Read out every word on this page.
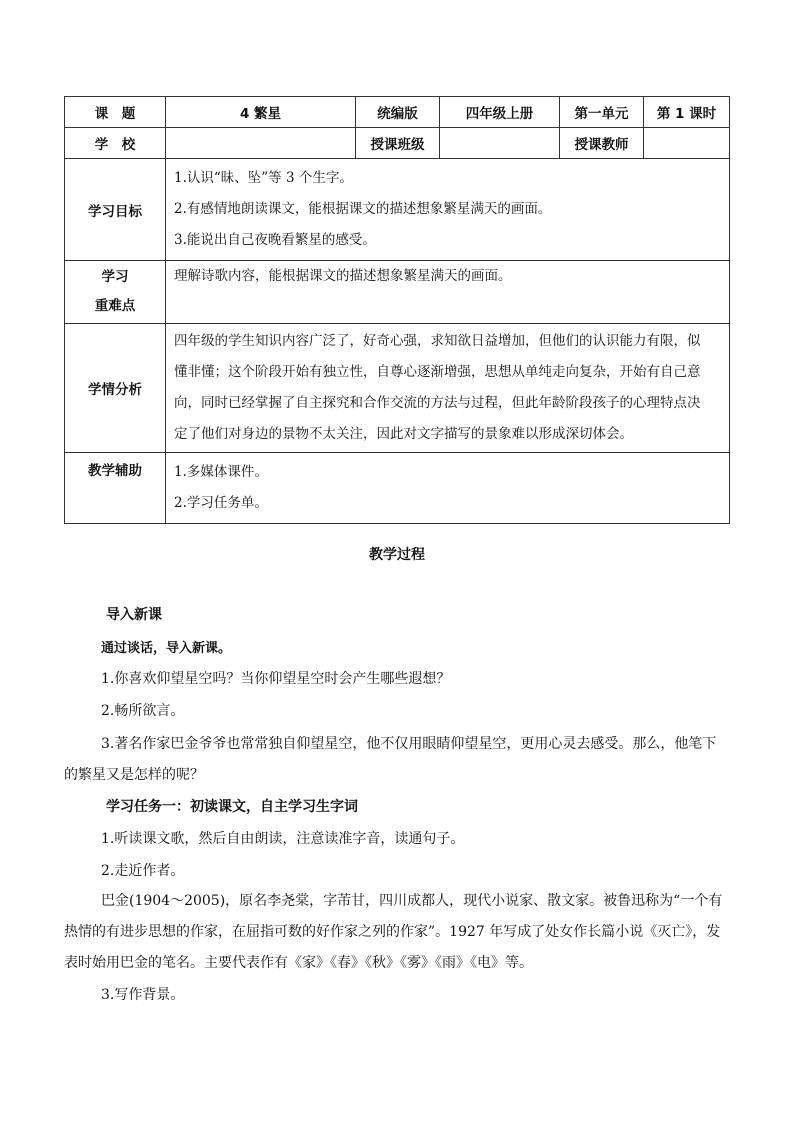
课　题	4 繁星	统编版	四年级上册	第一单元	第 1 课时
学　校		授课班级		授课教师	
学习目标	1.认识“昧、坠”等 3 个生字。
2.有感情地朗读课文，能根据课文的描述想象繁星满天的画面。
3.能说出自己夜晚看繁星的感受。				

学习
重难点	理解诗歌内容，能根据课文的描述想象繁星满天的画面。				

学情分析	四年级的学生知识内容广泛了，好奇心强，求知欲日益增加，但他们的认识能力有限，似
懂非懂；这个阶段开始有独立性，自尊心逐渐增强，思想从单纯走向复杂，开始有自己意
向，同时已经掌握了自主探究和合作交流的方法与过程，但此年龄阶段孩子的心理特点决
定了他们对身边的景物不太关注，因此对文字描写的景象难以形成深切体会。				

教学辅助	1.多媒体课件。
2.学习任务单。				
教学过程
导入新课
通过谈话，导入新课。
1.你喜欢仰望星空吗？当你仰望星空时会产生哪些遐想？
2.畅所欲言。
3.著名作家巴金爷爷也常常独自仰望星空，他不仅用眼睛仰望星空，更用心灵去感受。那么，他笔下
的繁星又是怎样的呢？
学习任务一：初读课文，自主学习生字词
1.听读课文歌，然后自由朗读，注意读准字音，读通句子。
2.走近作者。
巴金(1904～2005)，原名李尧棠，字芾甘，四川成都人，现代小说家、散文家。被鲁迅称为“一个有
热情的有进步思想的作家，在屈指可数的好作家之列的作家”。1927 年写成了处女作长篇小说《灭亡》，发
表时始用巴金的笔名。主要代表作有《家》《春》《秋》《雾》《雨》《电》等。
3.写作背景。
